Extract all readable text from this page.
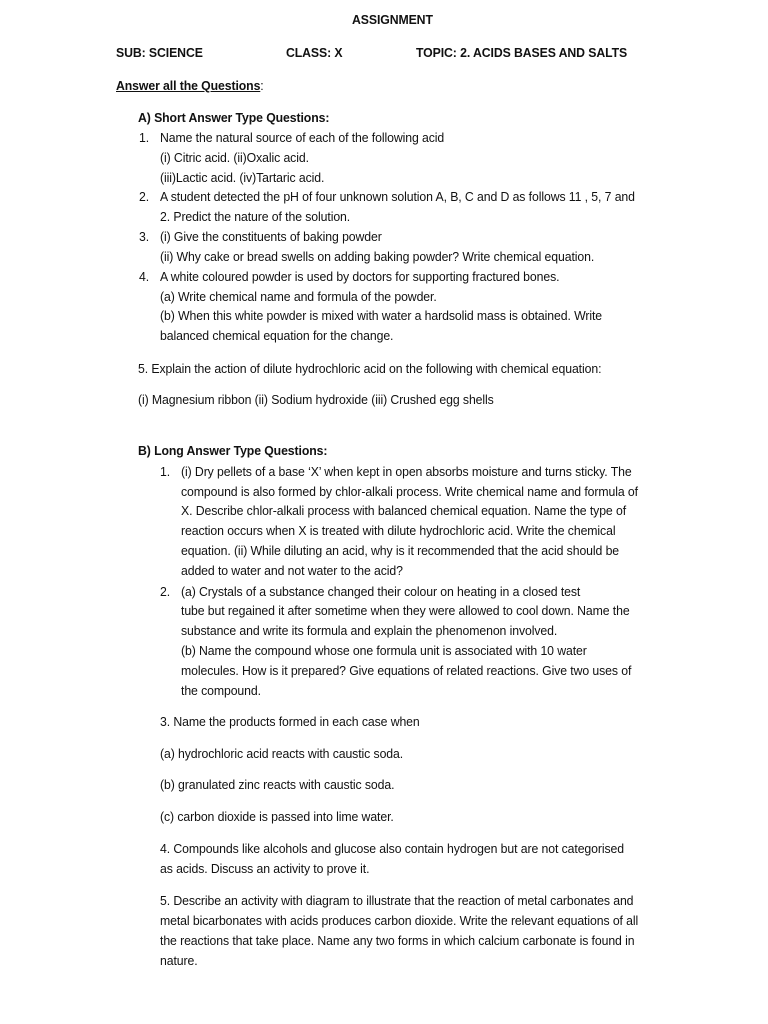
ASSIGNMENT
SUB: SCIENCE	CLASS: X	TOPIC: 2. ACIDS BASES AND SALTS
Answer all the Questions:
A) Short Answer Type Questions:
1. Name the natural source of each of the following acid
(i) Citric acid. (ii)Oxalic acid.
(iii)Lactic acid. (iv)Tartaric acid.
2. A student detected the pH of four unknown solution A, B, C and D as follows 11 , 5, 7 and
2. Predict the nature of the solution.
3. (i) Give the constituents of baking powder
(ii) Why cake or bread swells on adding baking powder? Write chemical equation.
4. A white coloured powder is used by doctors for supporting fractured bones.
(a) Write chemical name and formula of the powder.
(b) When this white powder is mixed with water a hardsolid mass is obtained. Write
balanced chemical equation for the change.
5. Explain the action of dilute hydrochloric acid on the following with chemical equation:
(i) Magnesium ribbon (ii) Sodium hydroxide (iii) Crushed egg shells
B) Long Answer Type Questions:
1. (i) Dry pellets of a base ‘X’ when kept in open absorbs moisture and turns sticky. The
compound is also formed by chlor-alkali process. Write chemical name and formula of
X. Describe chlor-alkali process with balanced chemical equation. Name the type of
reaction occurs when X is treated with dilute hydrochloric acid. Write the chemical
equation. (ii) While diluting an acid, why is it recommended that the acid should be
added to water and not water to the acid?
2. (a) Crystals of a substance changed their colour on heating in a closed test
tube but regained it after sometime when they were allowed to cool down. Name the
substance and write its formula and explain the phenomenon involved.
(b) Name the compound whose one formula unit is associated with 10 water
molecules. How is it prepared? Give equations of related reactions. Give two uses of
the compound.
3. Name the products formed in each case when
(a) hydrochloric acid reacts with caustic soda.
(b) granulated zinc reacts with caustic soda.
(c) carbon dioxide is passed into lime water.
4. Compounds like alcohols and glucose also contain hydrogen but are not categorised
as acids. Discuss an activity to prove it.
5. Describe an activity with diagram to illustrate that the reaction of metal carbonates and
metal bicarbonates with acids produces carbon dioxide. Write the relevant equations of all
the reactions that take place. Name any two forms in which calcium carbonate is found in
nature.
